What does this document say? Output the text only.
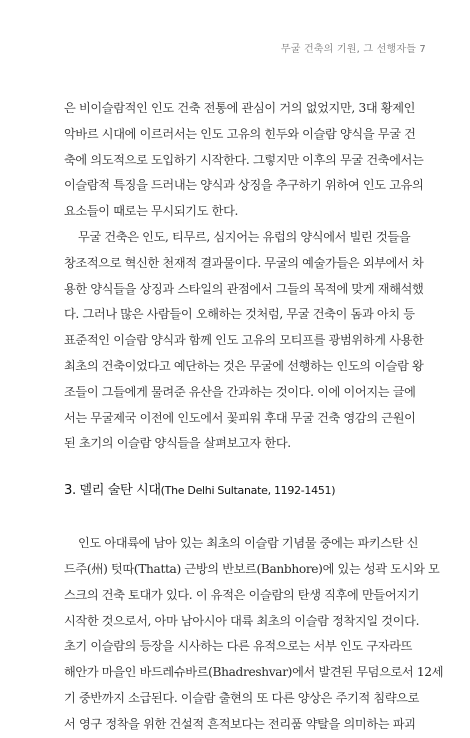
무굴 건축의 기원, 그 선행자들 7
은 비이슬람적인 인도 건축 전통에 관심이 거의 없었지만, 3대 황제인
악바르 시대에 이르러서는 인도 고유의 힌두와 이슬람 양식을 무굴 건
축에 의도적으로 도입하기 시작한다. 그렇지만 이후의 무굴 건축에서는
이슬람적 특징을 드러내는 양식과 상징을 추구하기 위하여 인도 고유의
요소들이 때로는 무시되기도 한다.
무굴 건축은 인도, 티무르, 심지어는 유럽의 양식에서 빌린 것들을
창조적으로 혁신한 천재적 결과물이다. 무굴의 예술가들은 외부에서 차
용한 양식들을 상징과 스타일의 관점에서 그들의 목적에 맞게 재해석했
다. 그러나 많은 사람들이 오해하는 것처럼, 무굴 건축이 돔과 아치 등
표준적인 이슬람 양식과 함께 인도 고유의 모티프를 광범위하게 사용한
최초의 건축이었다고 예단하는 것은 무굴에 선행하는 인도의 이슬람 왕
조들이 그들에게 물려준 유산을 간과하는 것이다. 이에 이어지는 글에
서는 무굴제국 이전에 인도에서 꽃피워 후대 무굴 건축 영감의 근원이
된 초기의 이슬람 양식들을 살펴보고자 한다.
3. 델리 술탄 시대(The Delhi Sultanate, 1192-1451)
인도 아대륙에 남아 있는 최초의 이슬람 기념물 중에는 파키스탄 신
드주(州) 텃따(Thatta) 근방의 반보르(Banbhore)에 있는 성곽 도시와 모
스크의 건축 토대가 있다. 이 유적은 이슬람의 탄생 직후에 만들어지기
시작한 것으로서, 아마 남아시아 대륙 최초의 이슬람 정착지일 것이다.
초기 이슬람의 등장을 시사하는 다른 유적으로는 서부 인도 구자라뜨
해안가 마을인 바드레슈바르(Bhadreshvar)에서 발견된 무덤으로서 12세
기 중반까지 소급된다. 이슬람 출현의 또 다른 양상은 주기적 침략으로
서 영구 정착을 위한 건설적 흔적보다는 전리품 약탈을 의미하는 파괴
